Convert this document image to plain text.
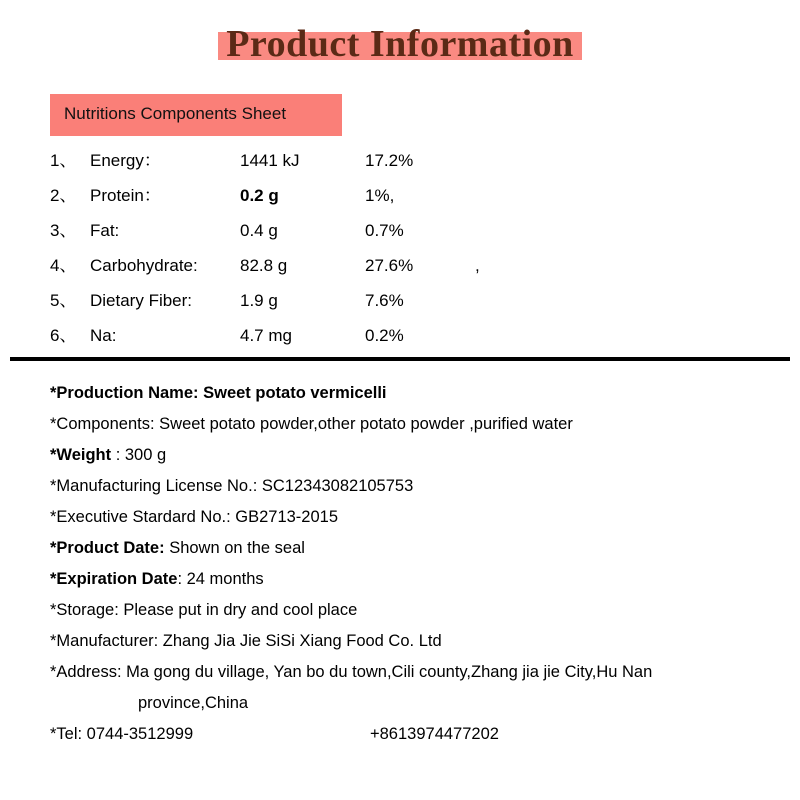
Product Information
Nutritions Components Sheet
1、 Energy：	1441 kJ	17.2%
2、 Protein：	0.2 g	1%,
3、 Fat:	0.4 g	0.7%
4、 Carbohydrate:	82.8 g	27.6%	,
5、 Dietary Fiber:	1.9 g	7.6%
6、 Na:	4.7 mg	0.2%
*Production Name: Sweet potato vermicelli
*Components: Sweet potato powder,other potato powder ,purified water
*Weight : 300 g
*Manufacturing License No.: SC12343082105753
*Executive Stardard No.: GB2713-2015
*Product Date: Shown on the seal
*Expiration Date: 24 months
*Storage: Please put in dry and cool place
*Manufacturer: Zhang Jia Jie SiSi Xiang Food Co. Ltd
*Address: Ma gong du village, Yan bo du town,Cili county,Zhang jia jie City,Hu Nan
province,China
*Tel: 0744-3512999	+8613974477202
